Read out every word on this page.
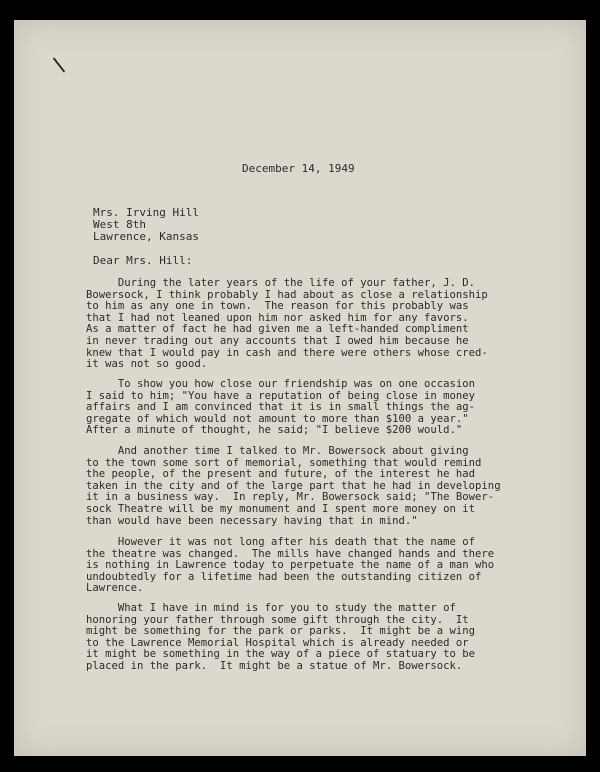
December 14, 1949
Mrs. Irving Hill
West 8th
Lawrence, Kansas
Dear Mrs. Hill:
During the later years of the life of your father, J. D.
Bowersock, I think probably I had about as close a relationship
to him as any one in town.  The reason for this probably was
that I had not leaned upon him nor asked him for any favors.
As a matter of fact he had given me a left-handed compliment
in never trading out any accounts that I owed him because he
knew that I would pay in cash and there were others whose cred-
it was not so good.
To show you how close our friendship was on one occasion
I said to him; "You have a reputation of being close in money
affairs and I am convinced that it is in small things the ag-
gregate of which would not amount to more than $100 a year."
After a minute of thought, he said; "I believe $200 would."
And another time I talked to Mr. Bowersock about giving
to the town some sort of memorial, something that would remind
the people, of the present and future, of the interest he had
taken in the city and of the large part that he had in developing
it in a business way.  In reply, Mr. Bowersock said; "The Bower-
sock Theatre will be my monument and I spent more money on it
than would have been necessary having that in mind."
However it was not long after his death that the name of
the theatre was changed.  The mills have changed hands and there
is nothing in Lawrence today to perpetuate the name of a man who
undoubtedly for a lifetime had been the outstanding citizen of
Lawrence.
What I have in mind is for you to study the matter of
honoring your father through some gift through the city.  It
might be something for the park or parks.  It might be a wing
to the Lawrence Memorial Hospital which is already needed or
it might be something in the way of a piece of statuary to be
placed in the park.  It might be a statue of Mr. Bowersock.
